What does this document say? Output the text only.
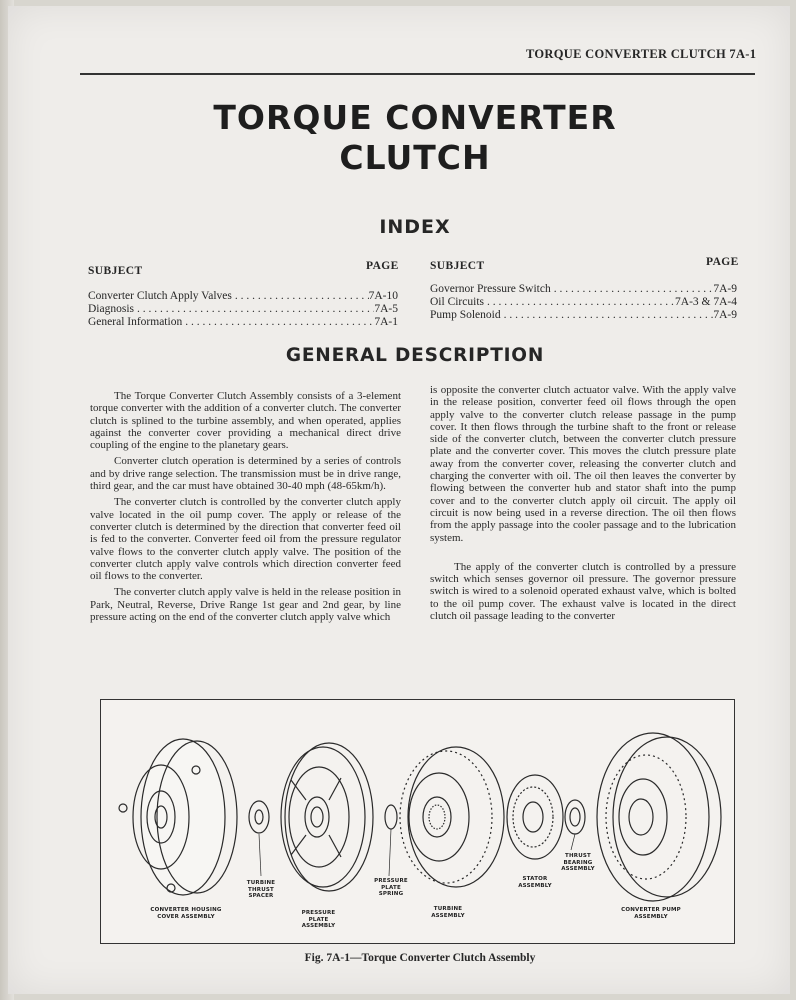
TORQUE CONVERTER CLUTCH 7A-1
TORQUE CONVERTER
CLUTCH
INDEX
SUBJECT	PAGE
Converter Clutch Apply Valves . . .	7A-10
Diagnosis . . .	7A-5
General Information . . .	7A-1
SUBJECT	PAGE
Governor Pressure Switch . . .	7A-9
Oil Circuits . . .	7A-3 & 7A-4
Pump Solenoid . . .	7A-9
GENERAL DESCRIPTION

The Torque Converter Clutch Assembly consists of a 3-element torque converter with the addition of a converter clutch. The converter clutch is splined to the turbine assembly, and when operated, applies against the converter cover providing a mechanical direct drive coupling of the engine to the planetary gears.

Converter clutch operation is determined by a series of controls and by drive range selection. The transmission must be in drive range, third gear, and the car must have obtained 30-40 mph (48-65km/h).

The converter clutch is controlled by the converter clutch apply valve located in the oil pump cover. The apply or release of the converter clutch is determined by the direction that converter feed oil is fed to the converter. Converter feed oil from the pressure regulator valve flows to the converter clutch apply valve. The position of the converter clutch apply valve controls which direction converter feed oil flows to the converter.

The converter clutch apply valve is held in the release position in Park, Neutral, Reverse, Drive Range 1st gear and 2nd gear, by line pressure acting on the end of the converter clutch apply valve which

is opposite the converter clutch actuator valve. With the apply valve in the release position, converter feed oil flows through the open apply valve to the converter clutch release passage in the pump cover. It then flows through the turbine shaft to the front or release side of the converter clutch, between the converter clutch pressure plate and the converter cover. This moves the clutch pressure plate away from the converter cover, releasing the converter clutch and charging the converter with oil. The oil then leaves the converter by flowing between the converter hub and stator shaft into the pump cover and to the converter clutch apply oil circuit. The apply oil circuit is now being used in a reverse direction. The oil then flows from the apply passage into the cooler passage and to the lubrication system.

The apply of the converter clutch is controlled by a pressure switch which senses governor oil pressure. The governor pressure switch is wired to a solenoid operated exhaust valve, which is bolted to the oil pump cover. The exhaust valve is located in the direct clutch oil passage leading to the converter

CONVERTER HOUSING
COVER ASSEMBLY
TURBINE
THRUST
SPACER
PRESSURE
PLATE
ASSEMBLY
PRESSURE
PLATE
SPRING
TURBINE
ASSEMBLY
STATOR
ASSEMBLY
THRUST
BEARING
ASSEMBLY
CONVERTER PUMP
ASSEMBLY
Fig. 7A-1—Torque Converter Clutch Assembly
